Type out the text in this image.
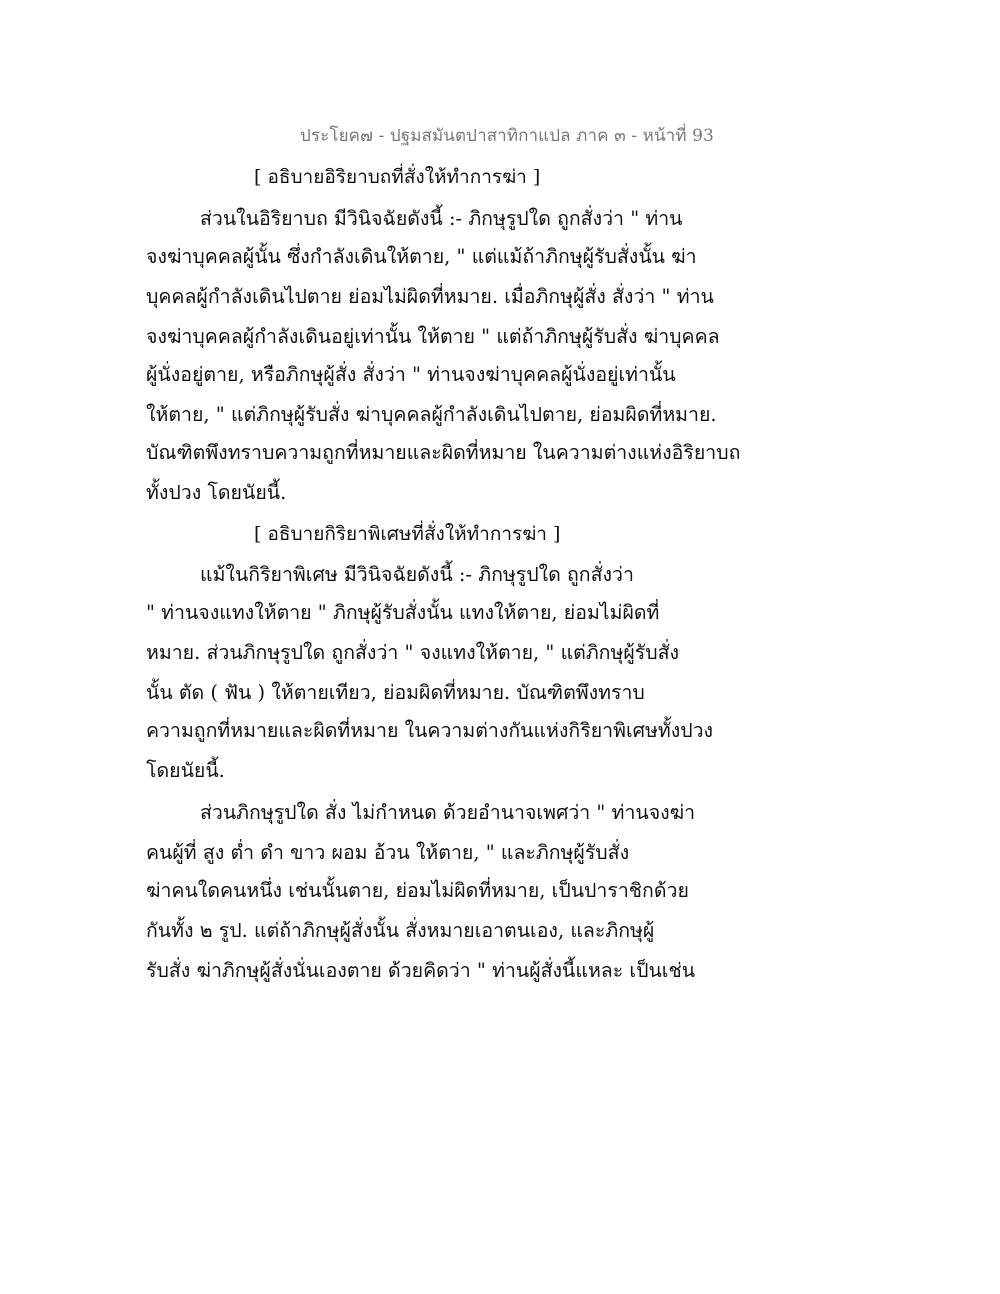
ประโยค๗ - ปฐมสมันตปาสาทิกาแปล ภาค ๓ - หน้าที่ 93
[ อธิบายอิริยาบถที่สั่งให้ทำการฆ่า ]
ส่วนในอิริยาบถ มีวินิจฉัยดังนี้ :- ภิกษุรูปใด ถูกสั่งว่า " ท่าน
จงฆ่าบุคคลผู้นั้น ซึ่งกำลังเดินให้ตาย, " แต่แม้ถ้าภิกษุผู้รับสั่งนั้น ฆ่า
บุคคลผู้กำลังเดินไปตาย ย่อมไม่ผิดที่หมาย. เมื่อภิกษุผู้สั่ง สั่งว่า " ท่าน
จงฆ่าบุคคลผู้กำลังเดินอยู่เท่านั้น ให้ตาย " แต่ถ้าภิกษุผู้รับสั่ง ฆ่าบุคคล
ผู้นั่งอยู่ตาย, หรือภิกษุผู้สั่ง สั่งว่า " ท่านจงฆ่าบุคคลผู้นั่งอยู่เท่านั้น
ให้ตาย, " แต่ภิกษุผู้รับสั่ง ฆ่าบุคคลผู้กำลังเดินไปตาย, ย่อมผิดที่หมาย.
บัณฑิตพึงทราบความถูกที่หมายและผิดที่หมาย ในความต่างแห่งอิริยาบถ
ทั้งปวง โดยนัยนี้.
[ อธิบายกิริยาพิเศษที่สั่งให้ทำการฆ่า ]
แม้ในกิริยาพิเศษ มีวินิจฉัยดังนี้ :- ภิกษุรูปใด ถูกสั่งว่า
" ท่านจงแทงให้ตาย " ภิกษุผู้รับสั่งนั้น แทงให้ตาย, ย่อมไม่ผิดที่
หมาย. ส่วนภิกษุรูปใด ถูกสั่งว่า " จงแทงให้ตาย, " แต่ภิกษุผู้รับสั่ง
นั้น ตัด ( ฟัน ) ให้ตายเทียว, ย่อมผิดที่หมาย. บัณฑิตพึงทราบ
ความถูกที่หมายและผิดที่หมาย ในความต่างกันแห่งกิริยาพิเศษทั้งปวง
โดยนัยนี้.
ส่วนภิกษุรูปใด สั่ง ไม่กำหนด ด้วยอำนาจเพศว่า " ท่านจงฆ่า
คนผู้ที่ สูง ต่ำ ดำ ขาว ผอม อ้วน ให้ตาย, " และภิกษุผู้รับสั่ง
ฆ่าคนใดคนหนึ่ง เช่นนั้นตาย, ย่อมไม่ผิดที่หมาย, เป็นปาราชิกด้วย
กันทั้ง ๒ รูป. แต่ถ้าภิกษุผู้สั่งนั้น สั่งหมายเอาตนเอง, และภิกษุผู้
รับสั่ง ฆ่าภิกษุผู้สั่งนั่นเองตาย ด้วยคิดว่า " ท่านผู้สั่งนี้แหละ เป็นเช่น
